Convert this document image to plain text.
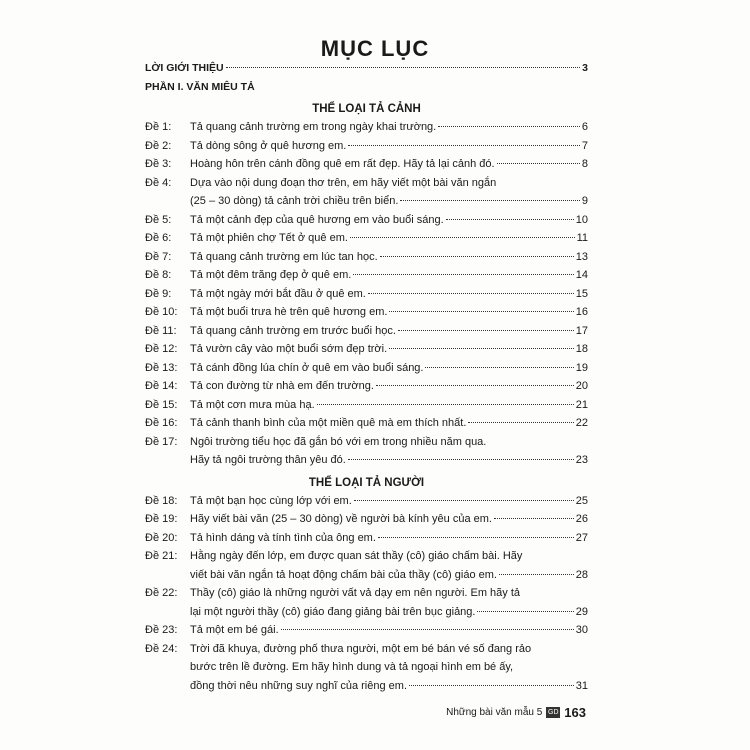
MỤC LỤC
LỜI GIỚI THIỆU	3
PHẦN I. VĂN MIÊU TẢ
THỂ LOẠI TẢ CẢNH
Đề 1:	Tả quang cảnh trường em trong ngày khai trường.	6
Đề 2:	Tả dòng sông ở quê hương em.	7
Đề 3:	Hoàng hôn trên cánh đồng quê em rất đẹp. Hãy tả lại cảnh đó.	8
Đề 4:	Dựa vào nội dung đoạn thơ trên, em hãy viết một bài văn ngắn
(25 – 30 dòng) tả cảnh trời chiều trên biển.	9
Đề 5:	Tả một cảnh đẹp của quê hương em vào buổi sáng.	10
Đề 6:	Tả một phiên chợ Tết ở quê em.	11
Đề 7:	Tả quang cảnh trường em lúc tan học.	13
Đề 8:	Tả một đêm trăng đẹp ở quê em.	14
Đề 9:	Tả một ngày mới bắt đầu ở quê em.	15
Đề 10:	Tả một buổi trưa hè trên quê hương em.	16
Đề 11:	Tả quang cảnh trường em trước buổi học.	17
Đề 12:	Tả vườn cây vào một buổi sớm đẹp trời.	18
Đề 13:	Tả cánh đồng lúa chín ở quê em vào buổi sáng.	19
Đề 14:	Tả con đường từ nhà em đến trường.	20
Đề 15:	Tả một cơn mưa mùa hạ.	21
Đề 16:	Tả cảnh thanh bình của một miền quê mà em thích nhất.	22
Đề 17:	Ngôi trường tiểu học đã gắn bó với em trong nhiều năm qua.
Hãy tả ngôi trường thân yêu đó.	23
THỂ LOẠI TẢ NGƯỜI
Đề 18:	Tả một bạn học cùng lớp với em.	25
Đề 19:	Hãy viết bài văn (25 – 30 dòng) về người bà kính yêu của em.	26
Đề 20:	Tả hình dáng và tính tình của ông em.	27
Đề 21:	Hằng ngày đến lớp, em được quan sát thầy (cô) giáo chấm bài. Hãy
viết bài văn ngắn tả hoạt động chấm bài của thầy (cô) giáo em.	28
Đề 22:	Thầy (cô) giáo là những người vất vả dạy em nên người. Em hãy tả
lại một người thầy (cô) giáo đang giảng bài trên bục giảng.	29
Đề 23:	Tả một em bé gái.	30
Đề 24:	Trời đã khuya, đường phố thưa người, một em bé bán vé số đang rảo
bước trên lề đường. Em hãy hình dung và tả ngoại hình em bé ấy,
đồng thời nêu những suy nghĩ của riêng em.	31
Những bài văn mẫu 5 GD 163
